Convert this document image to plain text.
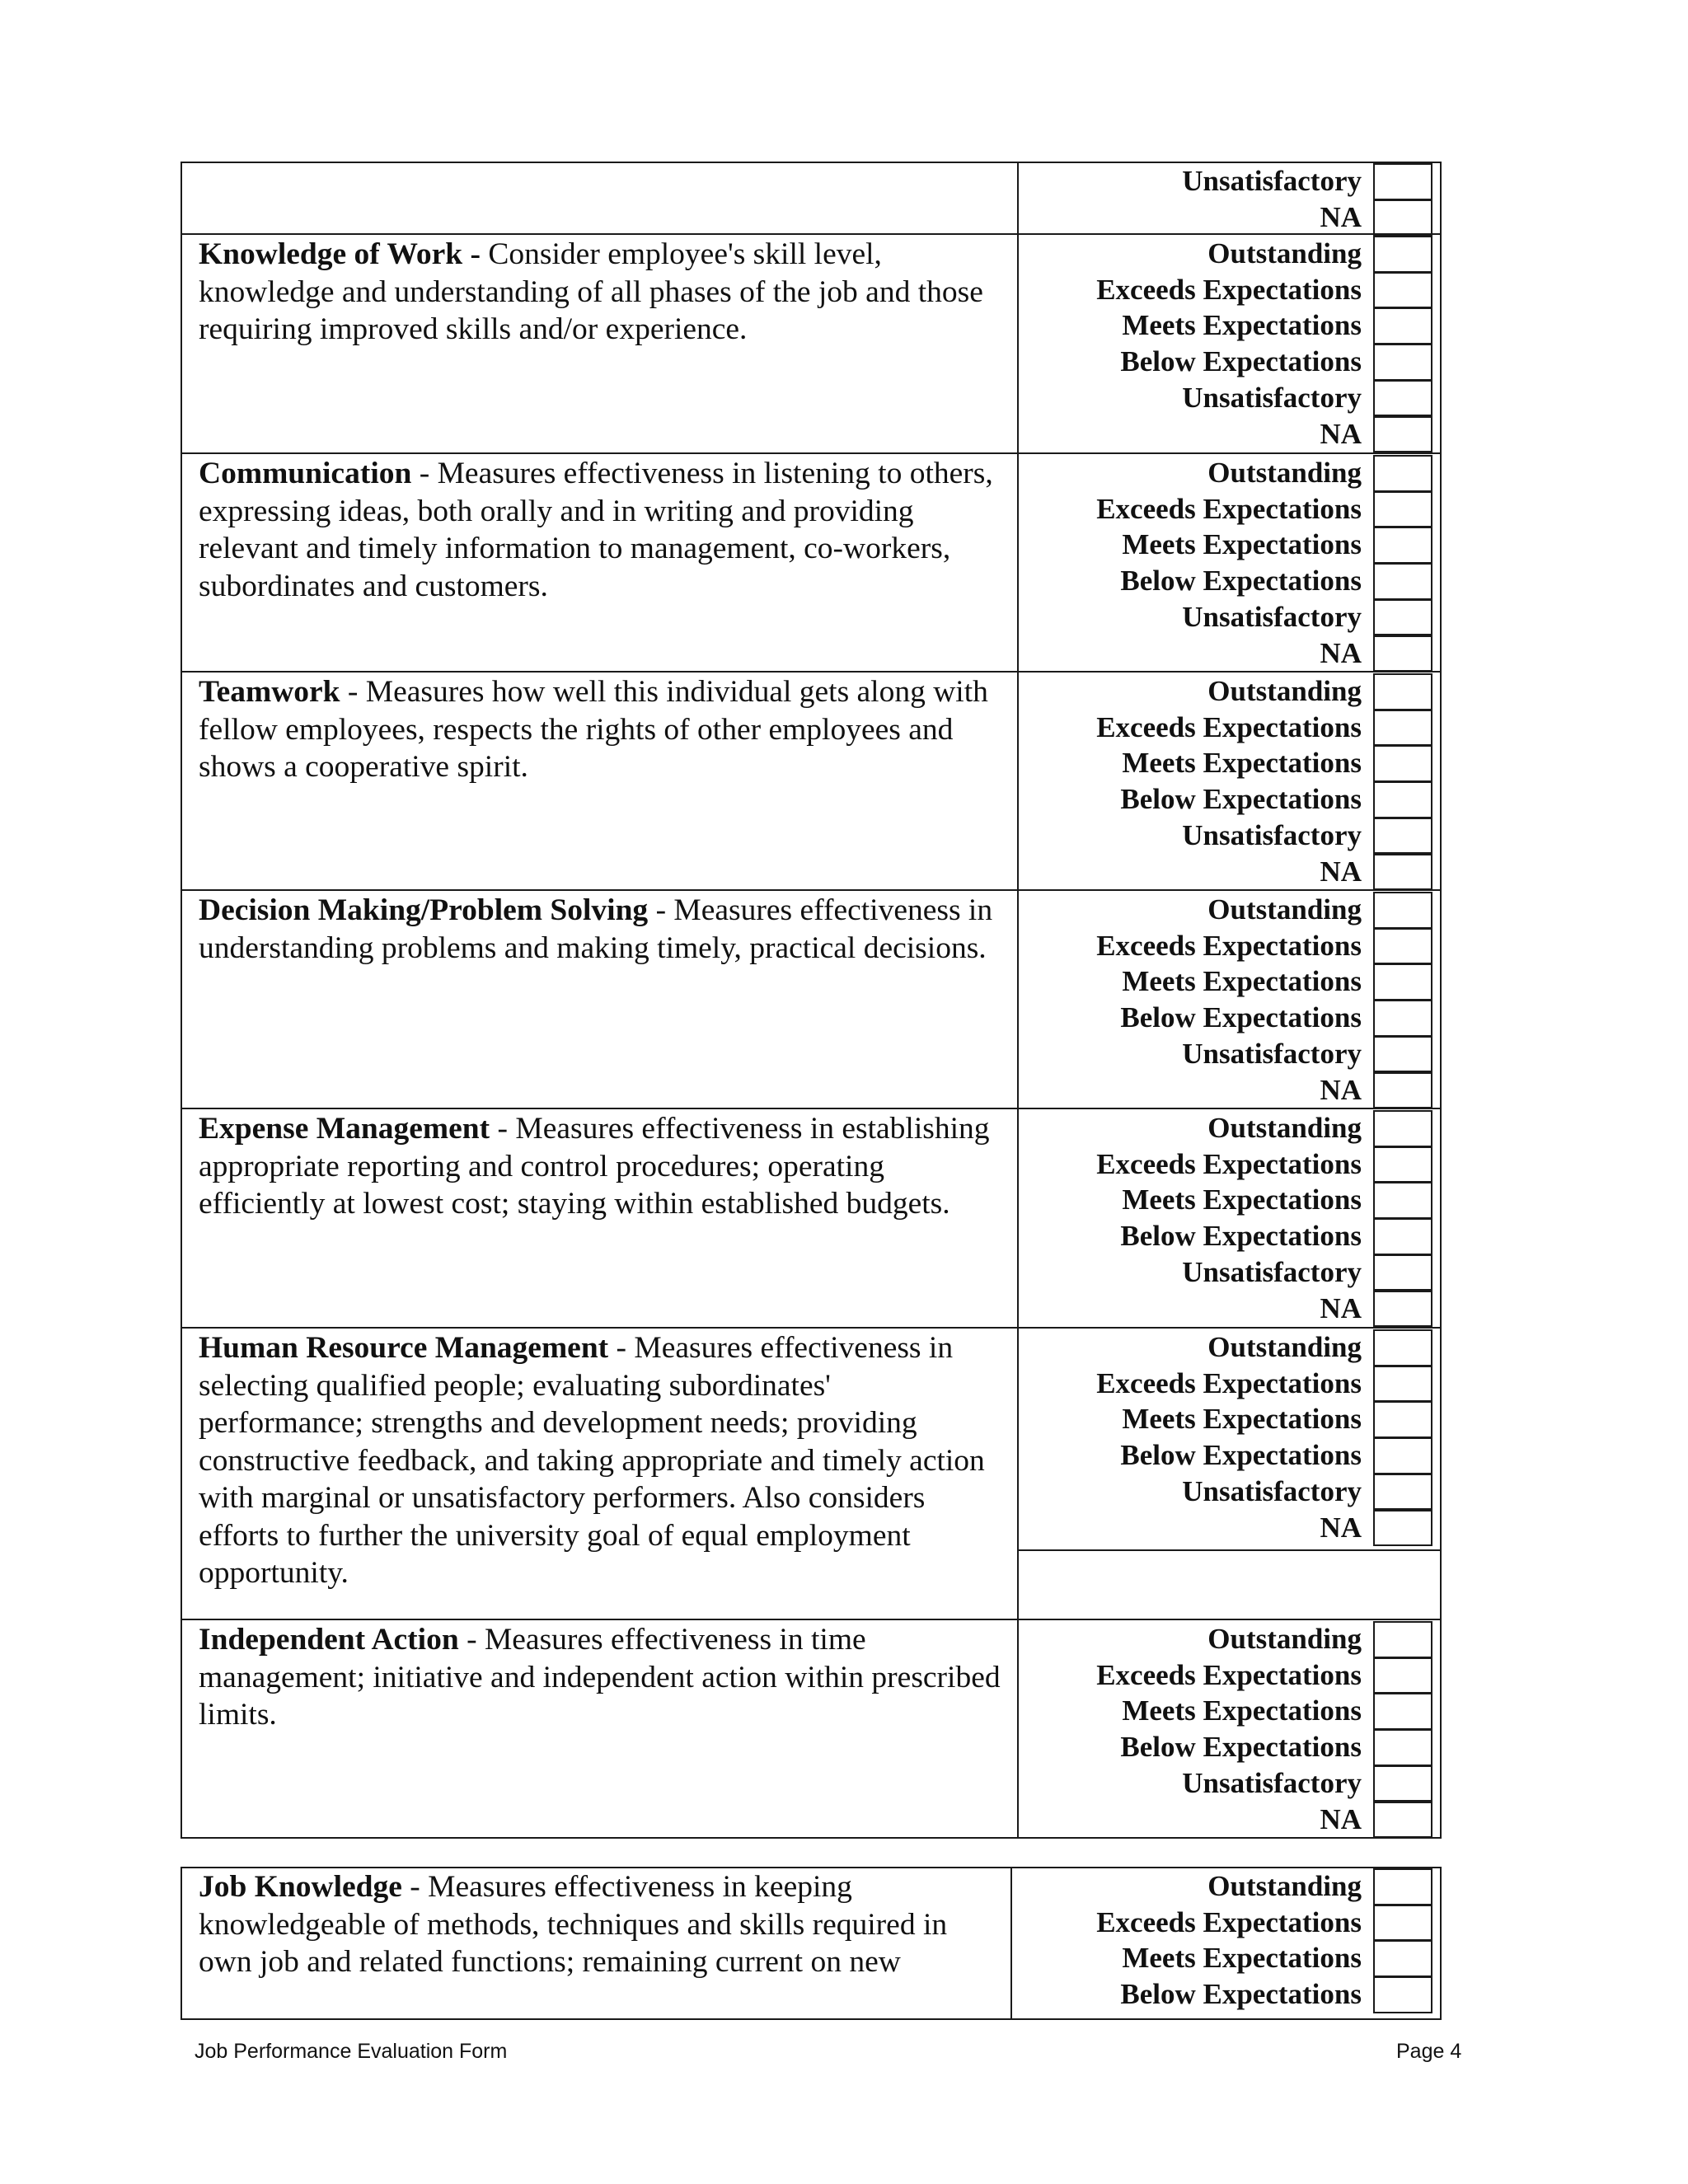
Unsatisfactory
NA

Knowledge of Work - Consider employee's skill level, knowledge and understanding of all phases of the job and those requiring improved skills and/or experience.

Outstanding
Exceeds Expectations
Meets Expectations
Below Expectations
Unsatisfactory
NA

Communication - Measures effectiveness in listening to others, expressing ideas, both orally and in writing and providing relevant and timely information to management, co-workers, subordinates and customers.

Outstanding
Exceeds Expectations
Meets Expectations
Below Expectations
Unsatisfactory
NA

Teamwork - Measures how well this individual gets along with fellow employees, respects the rights of other employees and shows a cooperative spirit.

Outstanding
Exceeds Expectations
Meets Expectations
Below Expectations
Unsatisfactory
NA

Decision Making/Problem Solving - Measures effectiveness in understanding problems and making timely, practical decisions.

Outstanding
Exceeds Expectations
Meets Expectations
Below Expectations
Unsatisfactory
NA

Expense Management - Measures effectiveness in establishing appropriate reporting and control procedures; operating efficiently at lowest cost; staying within established budgets.

Outstanding
Exceeds Expectations
Meets Expectations
Below Expectations
Unsatisfactory
NA

Human Resource Management - Measures effectiveness in selecting qualified people; evaluating subordinates' performance; strengths and development needs; providing constructive feedback, and taking appropriate and timely action with marginal or unsatisfactory performers. Also considers efforts to further the university goal of equal employment opportunity.

Outstanding
Exceeds Expectations
Meets Expectations
Below Expectations
Unsatisfactory
NA

Independent Action - Measures effectiveness in time management; initiative and independent action within prescribed limits.

Outstanding
Exceeds Expectations
Meets Expectations
Below Expectations
Unsatisfactory
NA

Job Knowledge - Measures effectiveness in keeping knowledgeable of methods, techniques and skills required in own job and related functions; remaining current on new

Outstanding
Exceeds Expectations
Meets Expectations
Below Expectations
Job Performance Evaluation Form	Page 4
